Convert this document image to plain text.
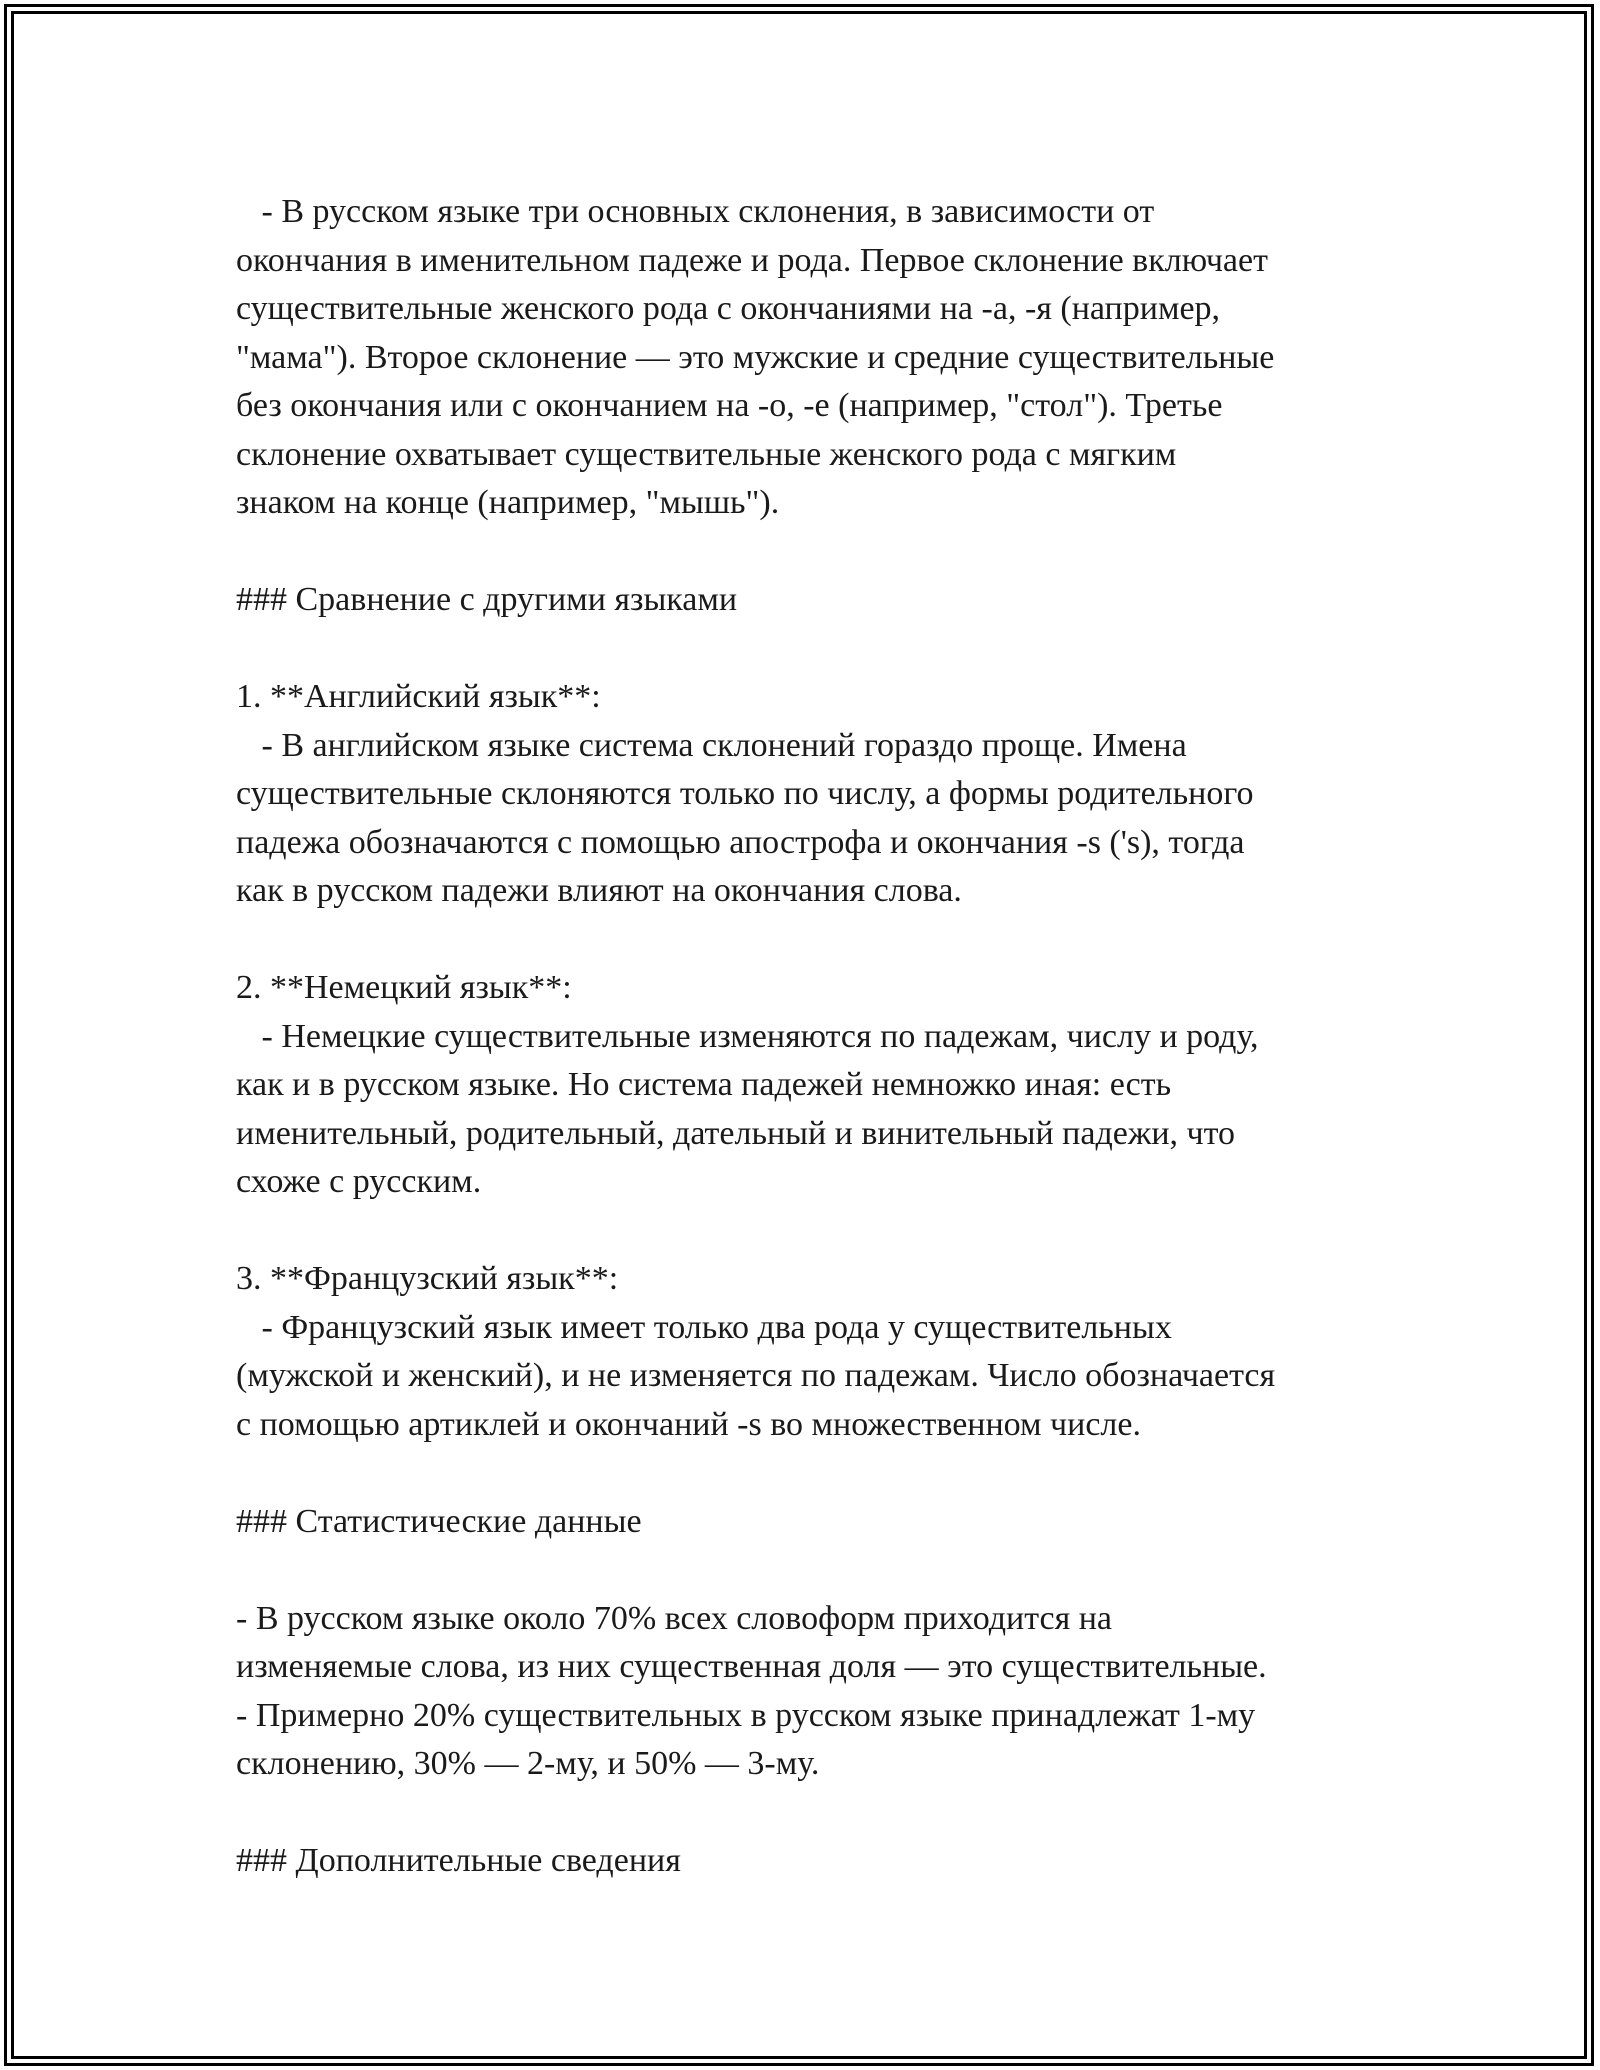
- В русском языке три основных склонения, в зависимости от

окончания в именительном падеже и рода. Первое склонение включает

существительные женского рода с окончаниями на -а, -я (например,

"мама"). Второе склонение — это мужские и средние существительные

без окончания или с окончанием на -о, -е (например, "стол"). Третье

склонение охватывает существительные женского рода с мягким

знаком на конце (например, "мышь").

### Сравнение с другими языками

1. **Английский язык**:

- В английском языке система склонений гораздо проще. Имена

существительные склоняются только по числу, а формы родительного

падежа обозначаются с помощью апострофа и окончания -s ('s), тогда

как в русском падежи влияют на окончания слова.

2. **Немецкий язык**:

- Немецкие существительные изменяются по падежам, числу и роду,

как и в русском языке. Но система падежей немножко иная: есть

именительный, родительный, дательный и винительный падежи, что

схоже с русским.

3. **Французский язык**:

- Французский язык имеет только два рода у существительных

(мужской и женский), и не изменяется по падежам. Число обозначается

с помощью артиклей и окончаний -s во множественном числе.

### Статистические данные

- В русском языке около 70% всех словоформ приходится на

изменяемые слова, из них существенная доля — это существительные.

- Примерно 20% существительных в русском языке принадлежат 1-му

склонению, 30% — 2-му, и 50% — 3-му.

### Дополнительные сведения
